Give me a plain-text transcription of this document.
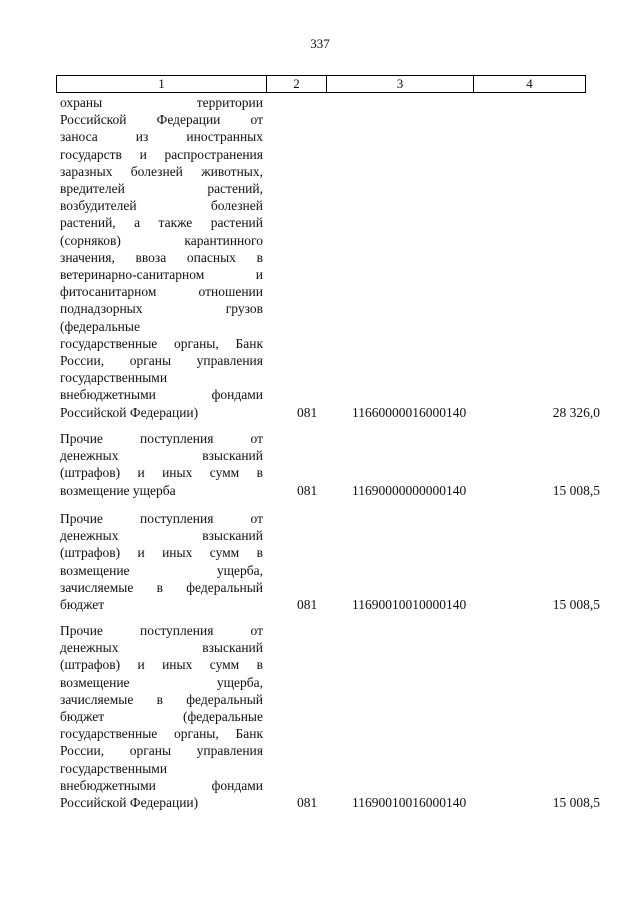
337
1	2	3	4
охраны территории
Российской Федерации от
заноса из иностранных
государств и распространения
заразных болезней животных,
вредителей растений,
возбудителей болезней
растений, а также растений
(сорняков) карантинного
значения, ввоза опасных в
ветеринарно-санитарном и
фитосанитарном отношении
поднадзорных грузов
(федеральные
государственные органы, Банк
России, органы управления
государственными
внебюджетными фондами
Российской Федерации)	081	11660000016000140	28 326,0
Прочие поступления от
денежных взысканий
(штрафов) и иных сумм в
возмещение ущерба	081	11690000000000140	15 008,5
Прочие поступления от
денежных взысканий
(штрафов) и иных сумм в
возмещение ущерба,
зачисляемые в федеральный
бюджет	081	11690010010000140	15 008,5
Прочие поступления от
денежных взысканий
(штрафов) и иных сумм в
возмещение ущерба,
зачисляемые в федеральный
бюджет (федеральные
государственные органы, Банк
России, органы управления
государственными
внебюджетными фондами
Российской Федерации)	081	11690010016000140	15 008,5
